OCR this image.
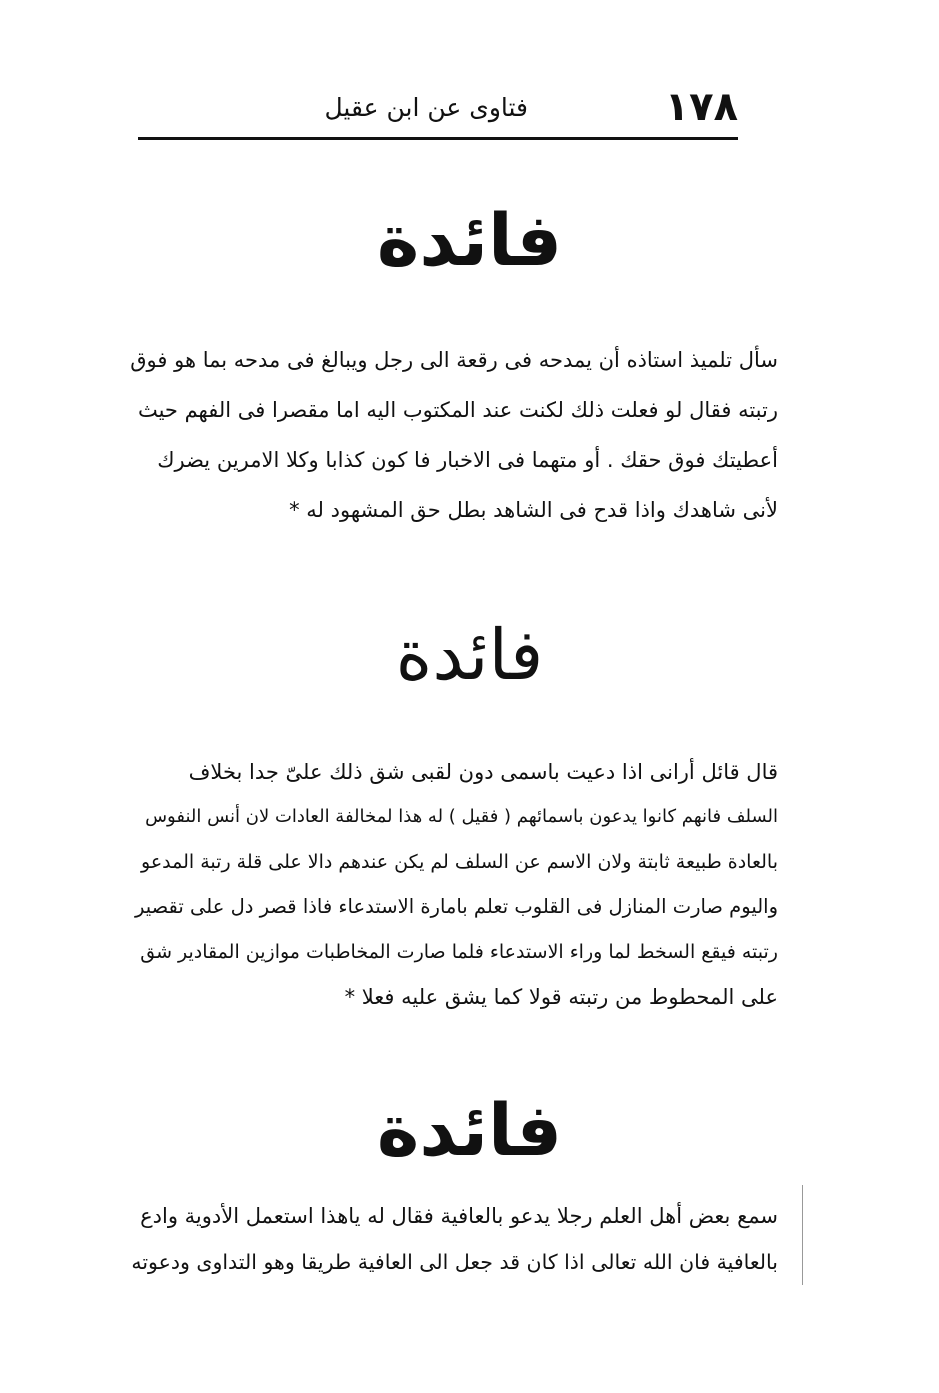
١٧٨
فتاوى عن ابن عقيل
فائدة
سأل تلميذ استاذه أن يمدحه فى رقعة الى رجل ويبالغ فى مدحه بما هو فوق
رتبته فقال لو فعلت ذلك لكنت عند المكتوب اليه اما مقصرا فى الفهم حيث
أعطيتك فوق حقك . أو متهما فى الاخبار فا كون كذابا وكلا الامرين يضرك
لأنى شاهدك واذا قدح فى الشاهد بطل حق المشهود له *
فائدة
قال قائل أرانى اذا دعيت باسمى دون لقبى شق ذلك علىّ جدا بخلاف
السلف فانهم كانوا يدعون باسمائهم ( فقيل ) له هذا لمخالفة العادات لان أنس النفوس
بالعادة طبيعة ثابتة ولان الاسم عن السلف لم يكن عندهم دالا على قلة رتبة المدعو
واليوم صارت المنازل فى القلوب تعلم بامارة الاستدعاء فاذا قصر دل على تقصير
رتبته فيقع السخط لما وراء الاستدعاء فلما صارت المخاطبات موازين المقادير شق
على المحطوط من رتبته قولا كما يشق عليه فعلا *
فائدة
سمع بعض أهل العلم رجلا يدعو بالعافية فقال له ياهذا استعمل الأدوية وادع
بالعافية فان الله تعالى اذا كان قد جعل الى العافية طريقا وهو التداوى ودعوته
